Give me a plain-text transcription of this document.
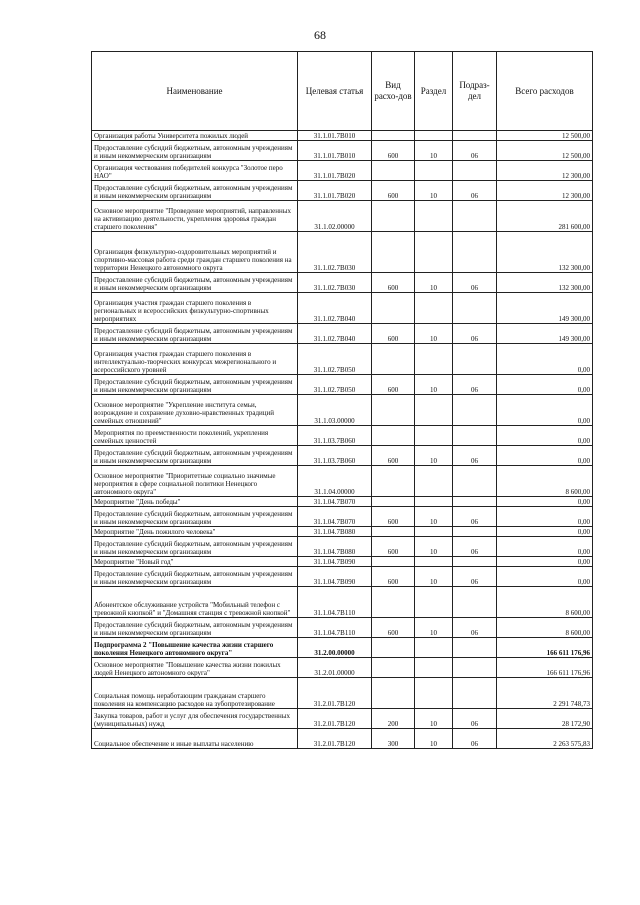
68
Наименование	Целевая статья	Вид расхо-дов	Раздел	Подраз-дел	Всего расходов
Организация работы Университета пожилых людей	31.1.01.7В010				12 500,00
Предоставление субсидий бюджетным, автономным учреждениям и иным некоммерческим организациям	31.1.01.7В010	600	10	06	12 500,00
Организация чествования победителей конкурса "Золотое перо НАО"	31.1.01.7В020				12 300,00
Предоставление субсидий бюджетным, автономным учреждениям и иным некоммерческим организациям	31.1.01.7В020	600	10	06	12 300,00
Основное мероприятие "Проведение мероприятий, направленных на активизацию деятельности, укрепления здоровья граждан старшего поколения"	31.1.02.00000				281 600,00
Организация физкультурно-оздоровительных мероприятий и спортивно-массовая работа среди граждан старшего поколения на территории Ненецкого автономного округа	31.1.02.7В030				132 300,00
Предоставление субсидий бюджетным, автономным учреждениям и иным некоммерческим организациям	31.1.02.7В030	600	10	06	132 300,00
Организация участия граждан старшего поколения в региональных и всероссийских физкультурно-спортивных мероприятиях	31.1.02.7В040				149 300,00
Предоставление субсидий бюджетным, автономным учреждениям и иным некоммерческим организациям	31.1.02.7В040	600	10	06	149 300,00
Организация участия граждан старшего поколения в интеллектуально-творческих конкурсах межрегионального и всероссийского уровней	31.1.02.7В050				0,00
Предоставление субсидий бюджетным, автономным учреждениям и иным некоммерческим организациям	31.1.02.7В050	600	10	06	0,00
Основное мероприятие "Укрепление института семьи, возрождение и сохранение духовно-нравственных традиций семейных отношений"	31.1.03.00000				0,00
Мероприятия по преемственности поколений, укрепления семейных ценностей	31.1.03.7В060				0,00
Предоставление субсидий бюджетным, автономным учреждениям и иным некоммерческим организациям	31.1.03.7В060	600	10	06	0,00
Основное мероприятие "Приоритетные социально значимые мероприятия в сфере социальной политики Ненецкого автономного округа"	31.1.04.00000				8 600,00
Мероприятие "День победы"	31.1.04.7В070				0,00
Предоставление субсидий бюджетным, автономным учреждениям и иным некоммерческим организациям	31.1.04.7В070	600	10	06	0,00
Мероприятие "День пожилого человека"	31.1.04.7В080				0,00
Предоставление субсидий бюджетным, автономным учреждениям и иным некоммерческим организациям	31.1.04.7В080	600	10	06	0,00
Мероприятие "Новый год"	31.1.04.7В090				0,00
Предоставление субсидий бюджетным, автономным учреждениям и иным некоммерческим организациям	31.1.04.7В090	600	10	06	0,00
Абонентское обслуживание устройств "Мобильный телефон с тревожной кнопкой" и "Домашняя станция с тревожной кнопкой"	31.1.04.7В110				8 600,00
Предоставление субсидий бюджетным, автономным учреждениям и иным некоммерческим организациям	31.1.04.7В110	600	10	06	8 600,00
Подпрограмма 2 "Повышение качества жизни старшего поколения Ненецкого автономного округа"	31.2.00.00000				166 611 176,96
Основное мероприятие "Повышение качества жизни пожилых людей Ненецкого автономного округа"	31.2.01.00000				166 611 176,96
Социальная помощь неработающим гражданам старшего поколения на компенсацию расходов на зубопротезирование	31.2.01.7В120				2 291 748,73
Закупка товаров, работ и услуг для обеспечения государственных (муниципальных) нужд	31.2.01.7В120	200	10	06	28 172,90
Социальное обеспечение и иные выплаты населению	31.2.01.7В120	300	10	06	2 263 575,83
